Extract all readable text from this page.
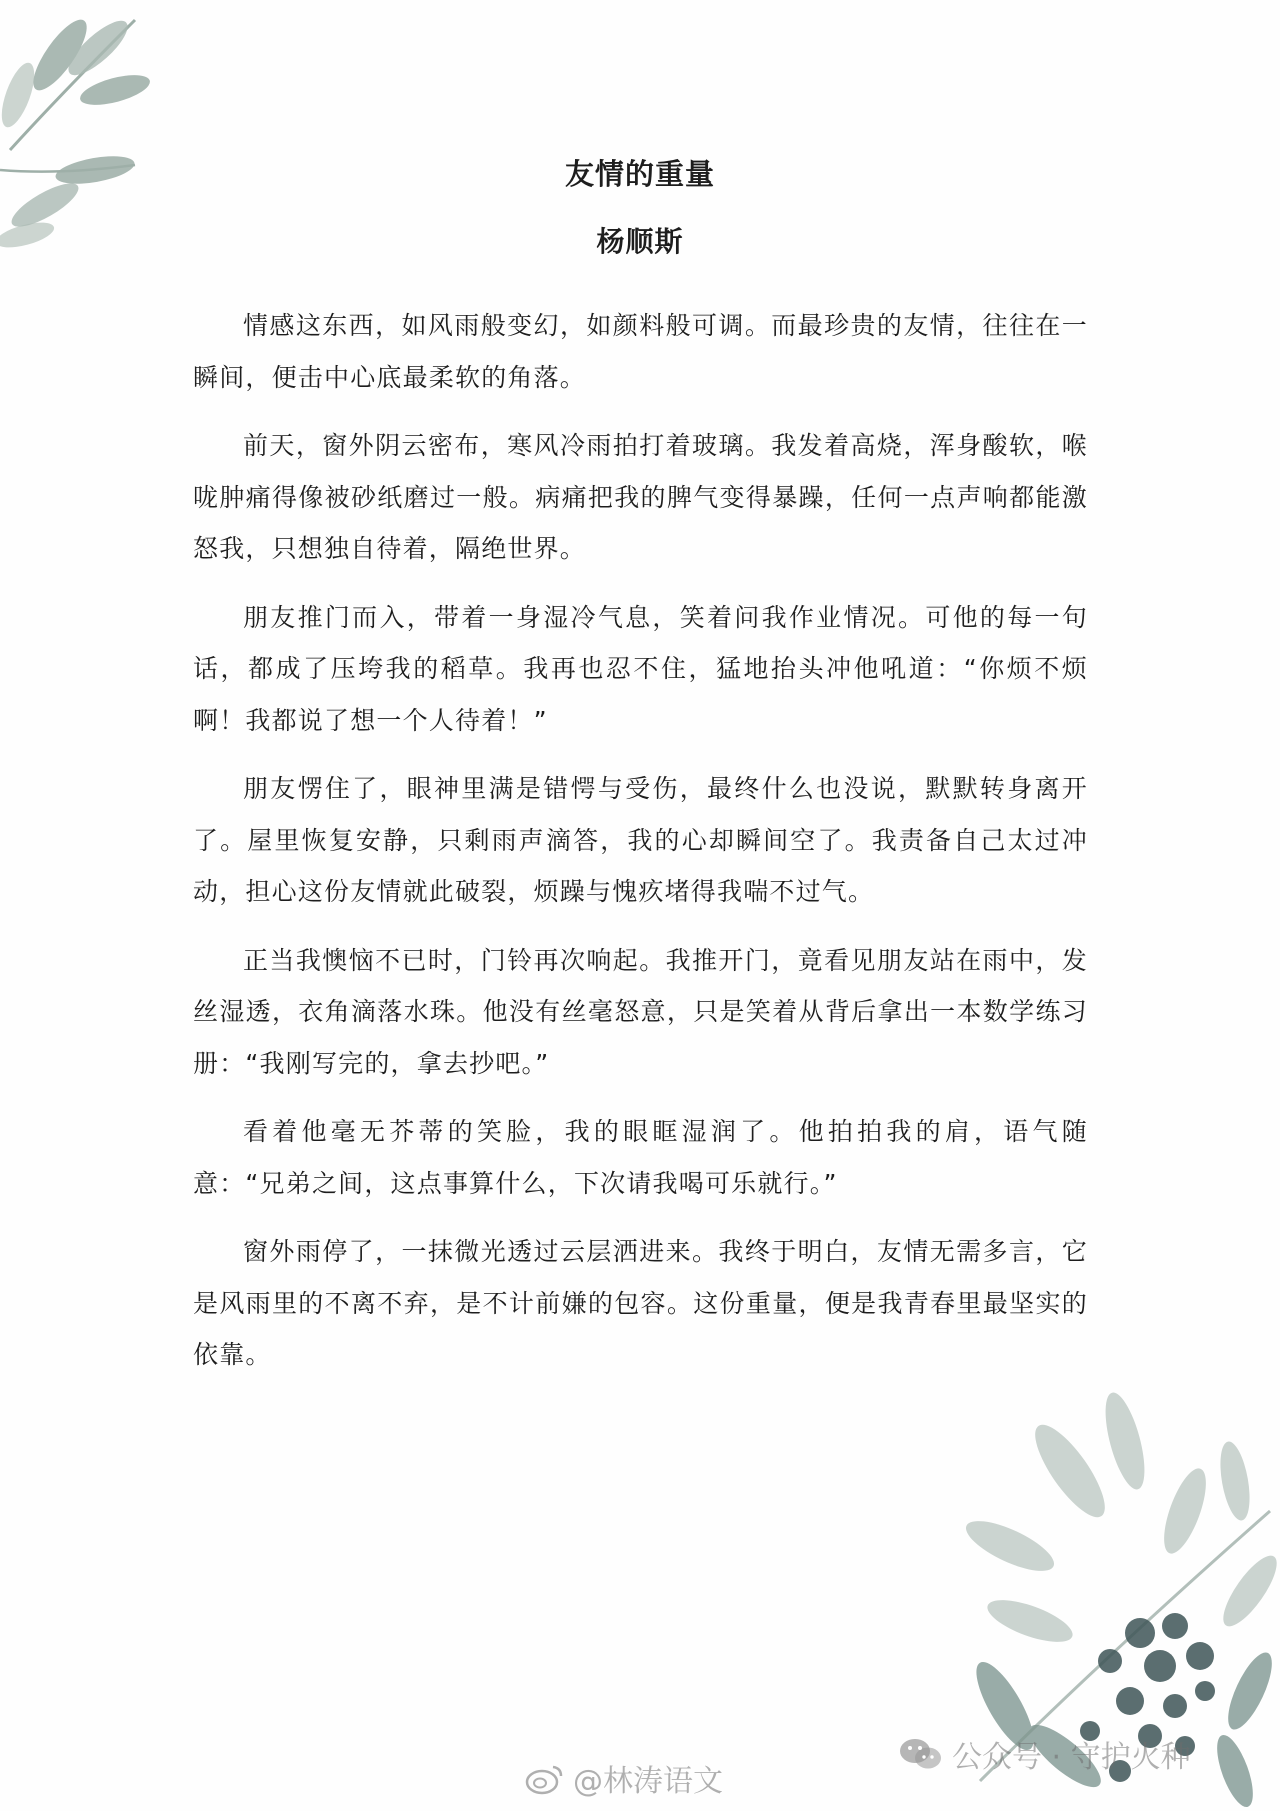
友情的重量
杨顺斯

情感这东西，如风雨般变幻，如颜料般可调。而最珍贵的友情，往往在一瞬间，便击中心底最柔软的角落。

前天，窗外阴云密布，寒风冷雨拍打着玻璃。我发着高烧，浑身酸软，喉咙肿痛得像被砂纸磨过一般。病痛把我的脾气变得暴躁，任何一点声响都能激怒我，只想独自待着，隔绝世界。

朋友推门而入，带着一身湿冷气息，笑着问我作业情况。可他的每一句话，都成了压垮我的稻草。我再也忍不住，猛地抬头冲他吼道：“你烦不烦啊！我都说了想一个人待着！”

朋友愣住了，眼神里满是错愕与受伤，最终什么也没说，默默转身离开了。屋里恢复安静，只剩雨声滴答，我的心却瞬间空了。我责备自己太过冲动，担心这份友情就此破裂，烦躁与愧疚堵得我喘不过气。

正当我懊恼不已时，门铃再次响起。我推开门，竟看见朋友站在雨中，发丝湿透，衣角滴落水珠。他没有丝毫怒意，只是笑着从背后拿出一本数学练习册：“我刚写完的，拿去抄吧。”

看着他毫无芥蒂的笑脸，我的眼眶湿润了。他拍拍我的肩，语气随意：“兄弟之间，这点事算什么，下次请我喝可乐就行。”

窗外雨停了，一抹微光透过云层洒进来。我终于明白，友情无需多言，它是风雨里的不离不弃，是不计前嫌的包容。这份重量，便是我青春里最坚实的依靠。

@林涛语文
公众号 · 守护火种
